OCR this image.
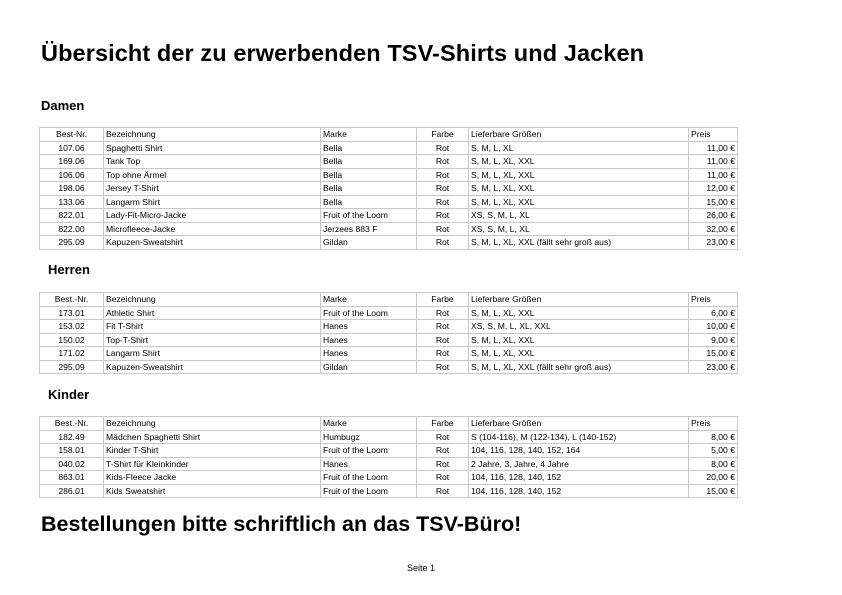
Übersicht der zu erwerbenden TSV-Shirts und Jacken
Damen
Best-Nr.	Bezeichnung	Marke	Farbe	Lieferbare Größen	Preis
107.06	Spaghetti Shirt	Bella	Rot	S, M, L, XL	11,00 €
169.06	Tank Top	Bella	Rot	S, M, L, XL, XXL	11,00 €
106.06	Top ohne Ärmel	Bella	Rot	S, M, L, XL, XXL	11,00 €
198.06	Jersey T-Shirt	Bella	Rot	S, M, L, XL, XXL	12,00 €
133.06	Langarm Shirt	Bella	Rot	S, M, L, XL, XXL	15,00 €
822.01	Lady-Fit-Micro-Jacke	Fruit of the Loom	Rot	XS, S, M, L, XL	26,00 €
822.00	Microfleece-Jacke	Jerzees 883 F	Rot	XS, S, M, L, XL	32,00 €
295.09	Kapuzen-Sweatshirt	Gildan	Rot	S, M, L, XL, XXL (fällt sehr groß aus)	23,00 €
Herren
Best.-Nr.	Bezeichnung	Marke	Farbe	Lieferbare Größen	Preis
173.01	Athletic Shirt	Fruit of the Loom	Rot	S, M, L, XL, XXL	6,00 €
153.02	Fit T-Shirt	Hanes	Rot	XS, S, M, L, XL, XXL	10,00 €
150.02	Top-T-Shirt	Hanes	Rot	S, M, L, XL, XXL	9,00 €
171.02	Langarm Shirt	Hanes	Rot	S, M, L, XL, XXL	15,00 €
295.09	Kapuzen-Sweatshirt	Gildan	Rot	S, M, L, XL, XXL (fällt sehr groß aus)	23,00 €
Kinder
Best.-Nr.	Bezeichnung	Marke	Farbe	Lieferbare Größen	Preis
182.49	Mädchen Spaghetti Shirt	Humbugz	Rot	S (104-116), M (122-134), L (140-152)	8,00 €
158.01	Kinder T-Shirt	Fruit of the Loom	Rot	104, 116, 128, 140, 152, 164	5,00 €
040.02	T-Shirt für Kleinkinder	Hanes	Rot	2 Jahre, 3, Jahre, 4 Jahre	8,00 €
863.01	Kids-Fleece Jacke	Fruit of the Loom	Rot	104, 116, 128, 140, 152	20,00 €
286.01	Kids Sweatshirt	Fruit of the Loom	Rot	104, 116, 128, 140, 152	15,00 €
Bestellungen bitte schriftlich an das TSV-Büro!
Seite 1
